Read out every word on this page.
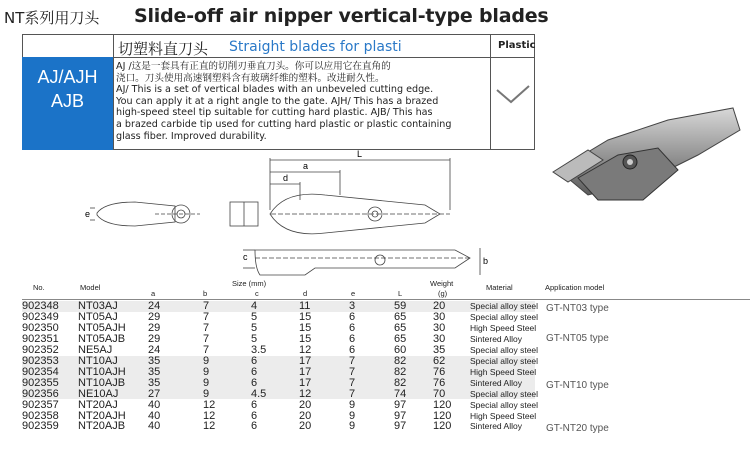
NT系列用刀头 Slide-off air nipper vertical-type blades
AJ/AJH
AJB
切塑料直刀头 Straight blades for plasti	Plastic
AJ /这是一套具有正直的切削刃垂直刀头。你可以应用它在直角的
浇口。刀头使用高速钢塑料含有玻璃纤维的塑料。改进耐久性。
AJ/ This is a set of vertical blades with an unbeveled cutting edge.
You can apply it at a right angle to the gate. AJH/ This has a brazed
high-speed steel tip suitable for cutting hard plastic. AJB/ This has
a brazed carbide tip used for cutting hard plastic or plastic containing
glass fiber. Improved durability.
L
a
d
e
c	b
No.	Model	Size (mm)
a	b	c	d	e	L
Weight
(g)
Material	Application model
902348 NT03AJ	24	7	4	11	3	59 20	Special alloy steel
902349 NT05AJ	29	7	5	15	6	65 30	Special alloy steel
902350 NT05AJH 29	7	5	15	6	65 30	High Speed Steel
902351 NT05AJB 29	7	5	15	6	65 30	Sintered Alloy
902352 NE5AJ	24	7	3.5	12	6	60 35	Special alloy steel
902353 NT10AJ	35	9	6	17	7	82 62	Special alloy steel
902354 NT10AJH 35	9	6	17	7	82 76	High Speed Steel
902355 NT10AJB 35	9	6	17	7	82 76	Sintered Alloy
902356 NE10AJ	27	9	4.5	12	7	74 70	Special alloy steel
902357 NT20AJ	40	12	6	20	9	97 120 Special alloy steel
902358 NT20AJH 40	12	6	20	9	97 120 High Speed Steel
902359 NT20AJB 40	12	6	20	9	97 120 Sintered Alloy
GT-NT03 type
GT-NT05 type
GT-NT10 type
GT-NT20 type
